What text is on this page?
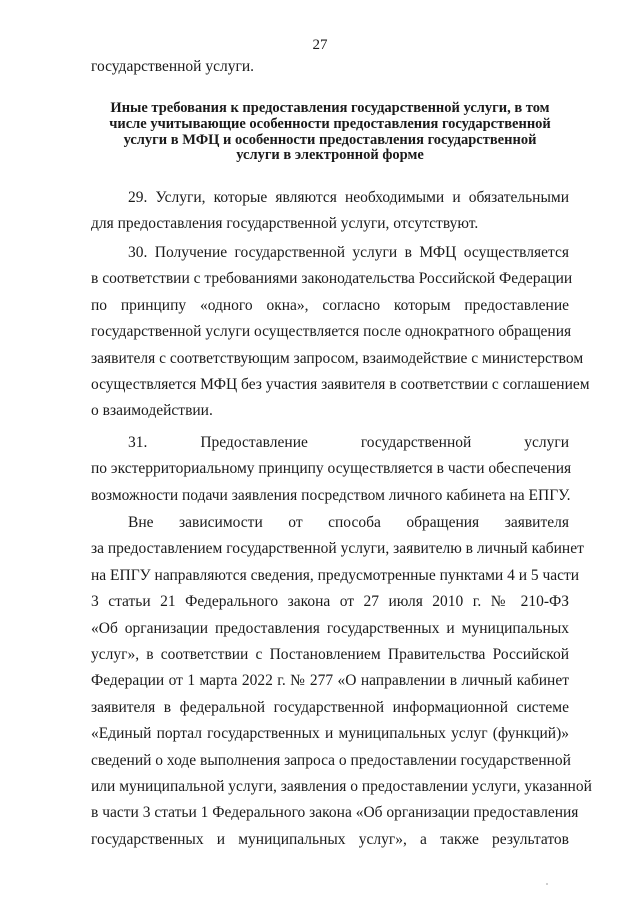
27
государственной услуги.
Иные требования к предоставления государственной услуги, в том
числе учитывающие особенности предоставления государственной
услуги в МФЦ и особенности предоставления государственной
услуги в электронной форме
29. Услуги, которые являются необходимыми и обязательными
для предоставления государственной услуги, отсутствуют.
30. Получение государственной услуги в МФЦ осуществляется
в соответствии с требованиями законодательства Российской Федерации
по принципу «одного окна», согласно которым предоставление
государственной услуги осуществляется после однократного обращения
заявителя с соответствующим запросом, взаимодействие с министерством
осуществляется МФЦ без участия заявителя в соответствии с соглашением
о взаимодействии.
31. Предоставление государственной услуги
по экстерриториальному принципу осуществляется в части обеспечения
возможности подачи заявления посредством личного кабинета на ЕПГУ.
Вне зависимости от способа обращения заявителя
за предоставлением государственной услуги, заявителю в личный кабинет
на ЕПГУ направляются сведения, предусмотренные пунктами 4 и 5 части
3 статьи 21 Федерального закона от 27 июля 2010 г. № 210-ФЗ
«Об организации предоставления государственных и муниципальных
услуг», в соответствии с Постановлением Правительства Российской
Федерации от 1 марта 2022 г. № 277 «О направлении в личный кабинет
заявителя в федеральной государственной информационной системе
«Единый портал государственных и муниципальных услуг (функций)»
сведений о ходе выполнения запроса о предоставлении государственной
или муниципальной услуги, заявления о предоставлении услуги, указанной
в части 3 статьи 1 Федерального закона «Об организации предоставления
государственных и муниципальных услуг», а также результатов
